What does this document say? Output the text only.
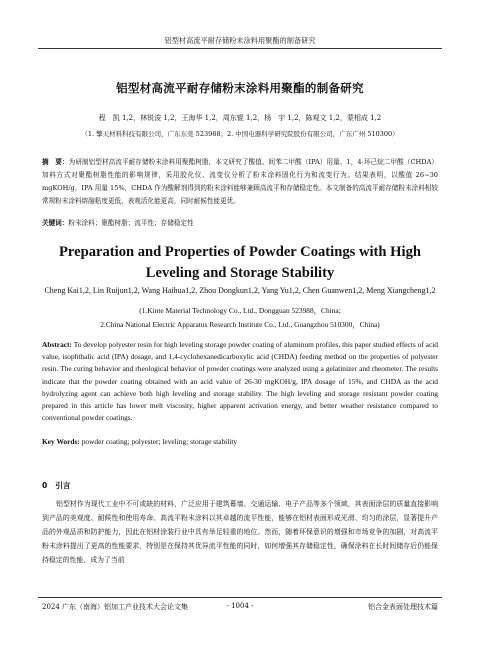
铝型材高流平耐存储粉末涂料用聚酯的制备研究
铝型材高流平耐存储粉末涂料用聚酯的制备研究
程　凯 1,2，林锐浚 1,2，王海华 1,2，周东锟 1,2，杨　宇 1,2，陈观文 1,2，蒙相成 1,2
（1. 擎天材料科技有限公司，广东东莞 523988；2. 中国电器科学研究院股份有限公司，广东广州 510300）
摘　要：为研制铝型材高流平耐存储粉末涂料用聚酯树脂，本文研究了酸值、间苯二甲酸（IPA）用量、1，4-环己烷二甲酸（CHDA）加料方式对聚酯树脂性能的影响规律，采用胶化仪、流变仪分析了粉末涂料固化行为和流变行为。结果表明，以酸值 26~30 mgKOH/g，IPA 用量 15%，CHDA 作为酸解剂得到的粉末涂料能够兼顾高流平和存储稳定性。本文制备的高流平耐存储粉末涂料相较常规粉末涂料熔融粘度更低、表观活化能更高，同时耐候性能更优。
关键词：粉末涂料；聚酯树脂；流平性；存储稳定性
Preparation and Properties of Powder Coatings with High Leveling and Storage Stability
Cheng Kai1,2, Lin Ruijun1,2, Wang Haihua1,2, Zhou Dongkun1,2, Yang Yu1,2, Chen Guanwen1,2, Meng Xiangcheng1,2
(1.Kinte Material Technology Co., Ltd., Dongguan 523988，China;
2.China National Electric Apparatus Research Institute Co., Ltd., Guangzhou 510300，China)
Abstract: To develop polyester resin for high leveling storage powder coating of aluminum profiles, this paper studied effects of acid value, isophthalic acid (IPA) dosage, and 1,4-cyclohexanedicarboxylic acid (CHDA) feeding method on the properties of polyester resin. The curing behavior and rheological behavior of powder coatings were analyzed using a gelatinizer and rheometer. The results indicate that the powder coating obtained with an acid value of 26-30 mgKOH/g, IPA dosage of 15%, and CHDA as the acid hydrolyzing agent can achieve both high leveling and storage stability. The high leveling and storage resistant powder coating prepared in this article has lower melt viscosity, higher apparent activation energy, and better weather resistance compared to conventional powder coatings.
Key Words: powder coating; polyester; leveling; storage stability
0 引言
铝型材作为现代工业中不可或缺的材料，广泛应用于建筑幕墙、交通运输、电子产品等多个领域，其表面涂层的质量直接影响到产品的美观度、耐候性和使用寿命。高流平粉末涂料以其卓越的流平性能，能够在铝材表面形成光滑、均匀的涂层，显著提升产品的外观品质和防护能力，因此在铝材涂装行业中具有举足轻重的地位。然而，随着环保意识的增强和市场竞争的加剧，对高流平粉末涂料提出了更高的性能要求，特别是在保持其优异流平性能的同时，如何增强其存储稳定性，确保涂料在长时间储存后仍能保持稳定的性能，成为了当前
2024 广东（南海）铝加工产业技术大会论文集	- 1004 -	铝合金表面处理技术篇
